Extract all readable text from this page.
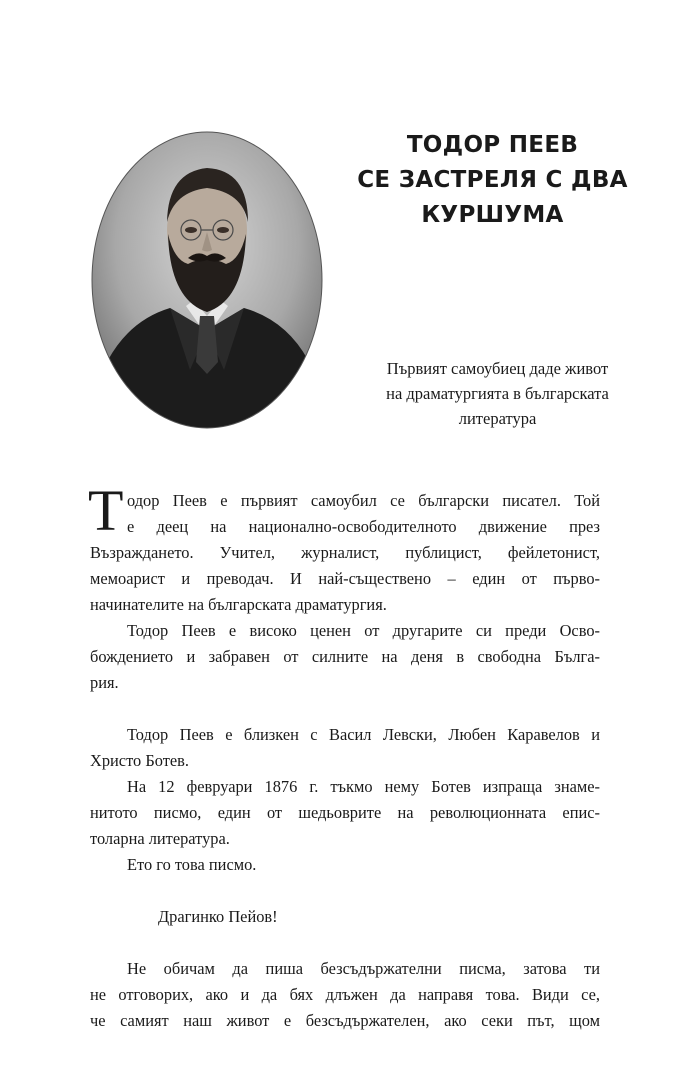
ТОДОР ПЕЕВ
СЕ ЗАСТРЕЛЯ С ДВА
КУРШУМА
Първият самоубиец даде живот
на драматургията в българската
литература
Т одор Пеев е първият самоубил се български писател. Той
е деец на национално-освободителното движение през
Възраждането. Учител, журналист, публицист, фейлетонист,
мемоарист и преводач. И най-съществено – един от първо-
начинателите на българската драматургия.
Тодор Пеев е високо ценен от другарите си преди Осво-
бождението и забравен от силните на деня в свободна Бълга-
рия.
Тодор Пеев е близкен с Васил Левски, Любен Каравелов и
Христо Ботев.
На 12 февруари 1876 г. тъкмо нему Ботев изпраща знаме-
нитото писмо, един от шедьоврите на революционната епис-
толарна литература.
Ето го това писмо.
Драгинко Пейов!
Не обичам да пиша безсъдържателни писма, затова ти
не отговорих, ако и да бях длъжен да направя това. Види се,
че самият наш живот е безсъдържателен, ако секи път, щом
